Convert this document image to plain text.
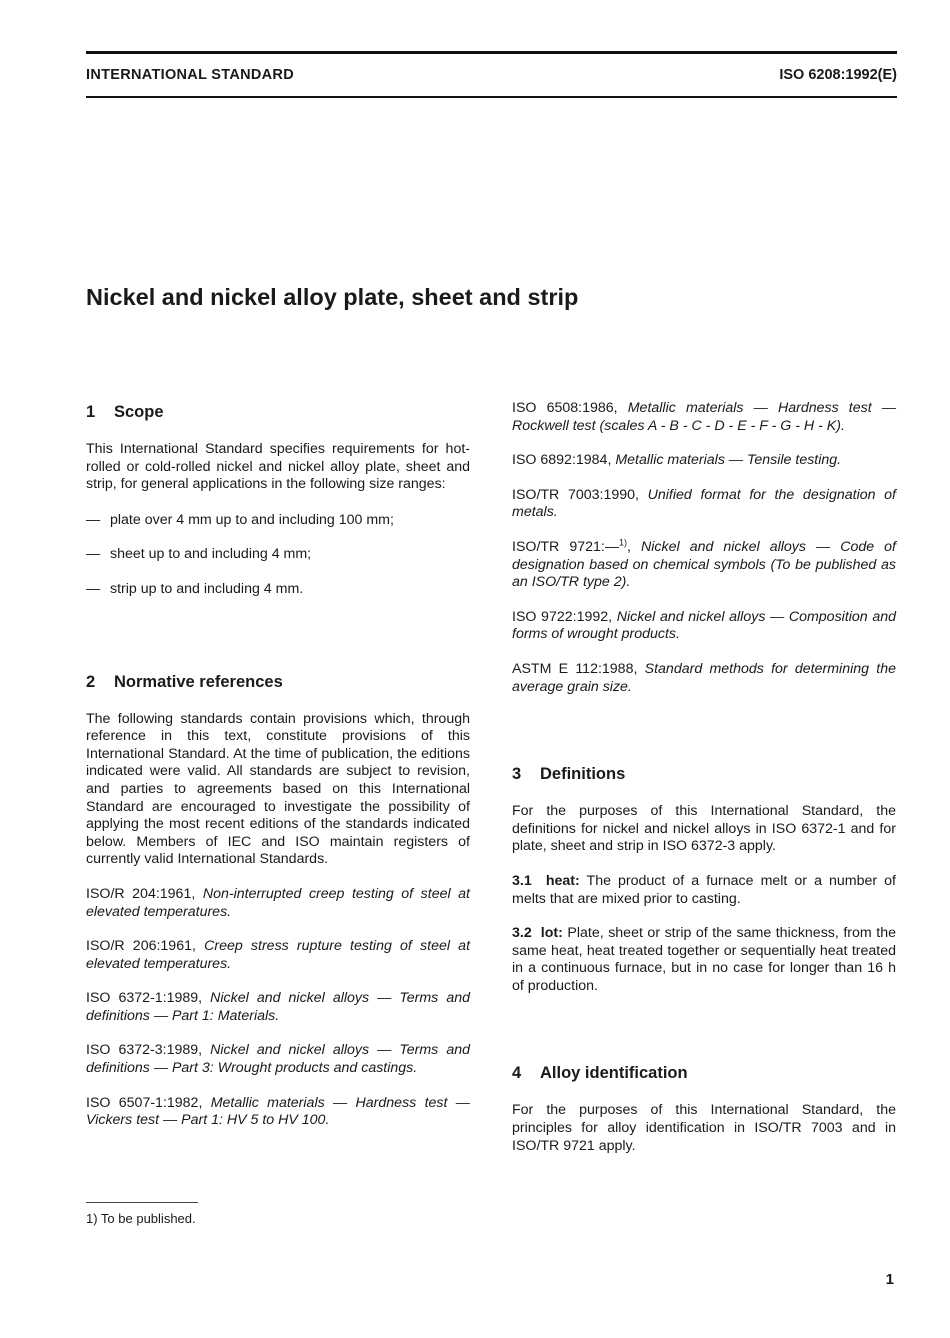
INTERNATIONAL STANDARD	ISO 6208:1992(E)
Nickel and nickel alloy plate, sheet and strip
1 Scope

This International Standard specifies requirements for hot-rolled or cold-rolled nickel and nickel alloy plate, sheet and strip, for general applications in the following size ranges:

— plate over 4 mm up to and including 100 mm;
— sheet up to and including 4 mm;
— strip up to and including 4 mm.
2 Normative references

The following standards contain provisions which, through reference in this text, constitute provisions of this International Standard. At the time of publication, the editions indicated were valid. All standards are subject to revision, and parties to agreements based on this International Standard are encouraged to investigate the possibility of applying the most recent editions of the standards indicated below. Members of IEC and ISO maintain registers of currently valid International Standards.

ISO/R 204:1961, Non-interrupted creep testing of steel at elevated temperatures.

ISO/R 206:1961, Creep stress rupture testing of steel at elevated temperatures.

ISO 6372-1:1989, Nickel and nickel alloys — Terms and definitions — Part 1: Materials.

ISO 6372-3:1989, Nickel and nickel alloys — Terms and definitions — Part 3: Wrought products and castings.

ISO 6507-1:1982, Metallic materials — Hardness test — Vickers test — Part 1: HV 5 to HV 100.

ISO 6508:1986, Metallic materials — Hardness test — Rockwell test (scales A - B - C - D - E - F - G - H - K).

ISO 6892:1984, Metallic materials — Tensile testing.

ISO/TR 7003:1990, Unified format for the designation of metals.

ISO/TR 9721:—$^{1)}$, Nickel and nickel alloys — Code of designation based on chemical symbols (To be published as an ISO/TR type 2).

ISO 9722:1992, Nickel and nickel alloys — Composition and forms of wrought products.

ASTM E 112:1988, Standard methods for determining the average grain size.

3 Definitions

For the purposes of this International Standard, the definitions for nickel and nickel alloys in ISO 6372-1 and for plate, sheet and strip in ISO 6372-3 apply.

3.1 heat: The product of a furnace melt or a number of melts that are mixed prior to casting.

3.2 lot: Plate, sheet or strip of the same thickness, from the same heat, heat treated together or sequentially heat treated in a continuous furnace, but in no case for longer than 16 h of production.

4 Alloy identification

For the purposes of this International Standard, the principles for alloy identification in ISO/TR 7003 and in ISO/TR 9721 apply.

1) To be published.
1
